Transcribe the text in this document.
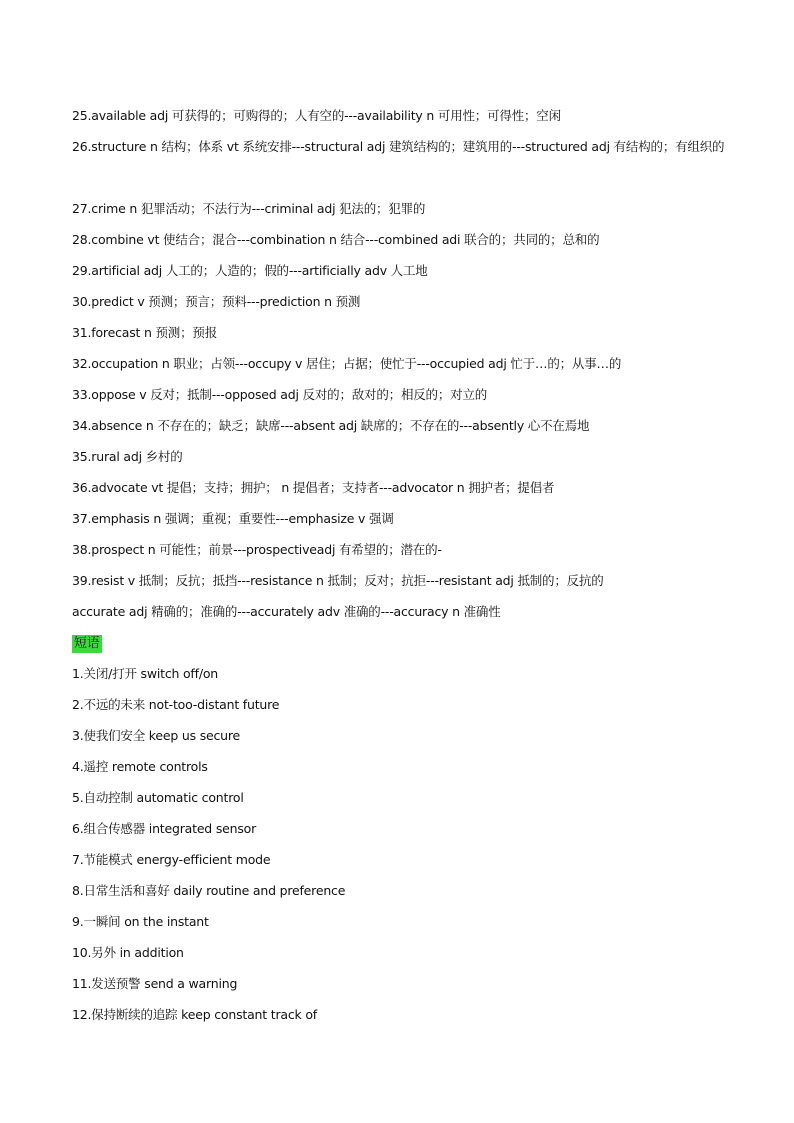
25.available adj 可获得的；可购得的；人有空的---availability n 可用性；可得性；空闲
26.structure n 结构；体系 vt 系统安排---structural adj 建筑结构的；建筑用的---structured adj 有结构的；有组织的
27.crime n 犯罪活动；不法行为---criminal adj 犯法的；犯罪的
28.combine vt 使结合；混合---combination n 结合---combined adi 联合的；共同的；总和的
29.artificial adj 人工的；人造的；假的---artificially adv 人工地
30.predict v 预测；预言；预料---prediction n 预测
31.forecast n 预测；预报
32.occupation n 职业；占领---occupy v 居住；占据；使忙于---occupied adj 忙于…的；从事…的
33.oppose v 反对；抵制---opposed adj 反对的；敌对的；相反的；对立的
34.absence n 不存在的；缺乏；缺席---absent adj 缺席的；不存在的---absently 心不在焉地
35.rural adj 乡村的
36.advocate vt 提倡；支持；拥护； n 提倡者；支持者---advocator n 拥护者；提倡者
37.emphasis n 强调；重视；重要性---emphasize v 强调
38.prospect n 可能性；前景---prospectiveadj 有希望的；潜在的-
39.resist v 抵制；反抗；抵挡---resistance n 抵制；反对；抗拒---resistant adj 抵制的；反抗的
accurate adj 精确的；准确的---accurately adv 准确的---accuracy n 准确性
短语
1.关闭/打开 switch off/on
2.不远的未来 not-too-distant future
3.使我们安全 keep us secure
4.遥控 remote controls
5.自动控制 automatic control
6.组合传感器 integrated sensor
7.节能模式 energy-efficient mode
8.日常生活和喜好 daily routine and preference
9.一瞬间 on the instant
10.另外 in addition
11.发送预警 send a warning
12.保持断续的追踪 keep constant track of
